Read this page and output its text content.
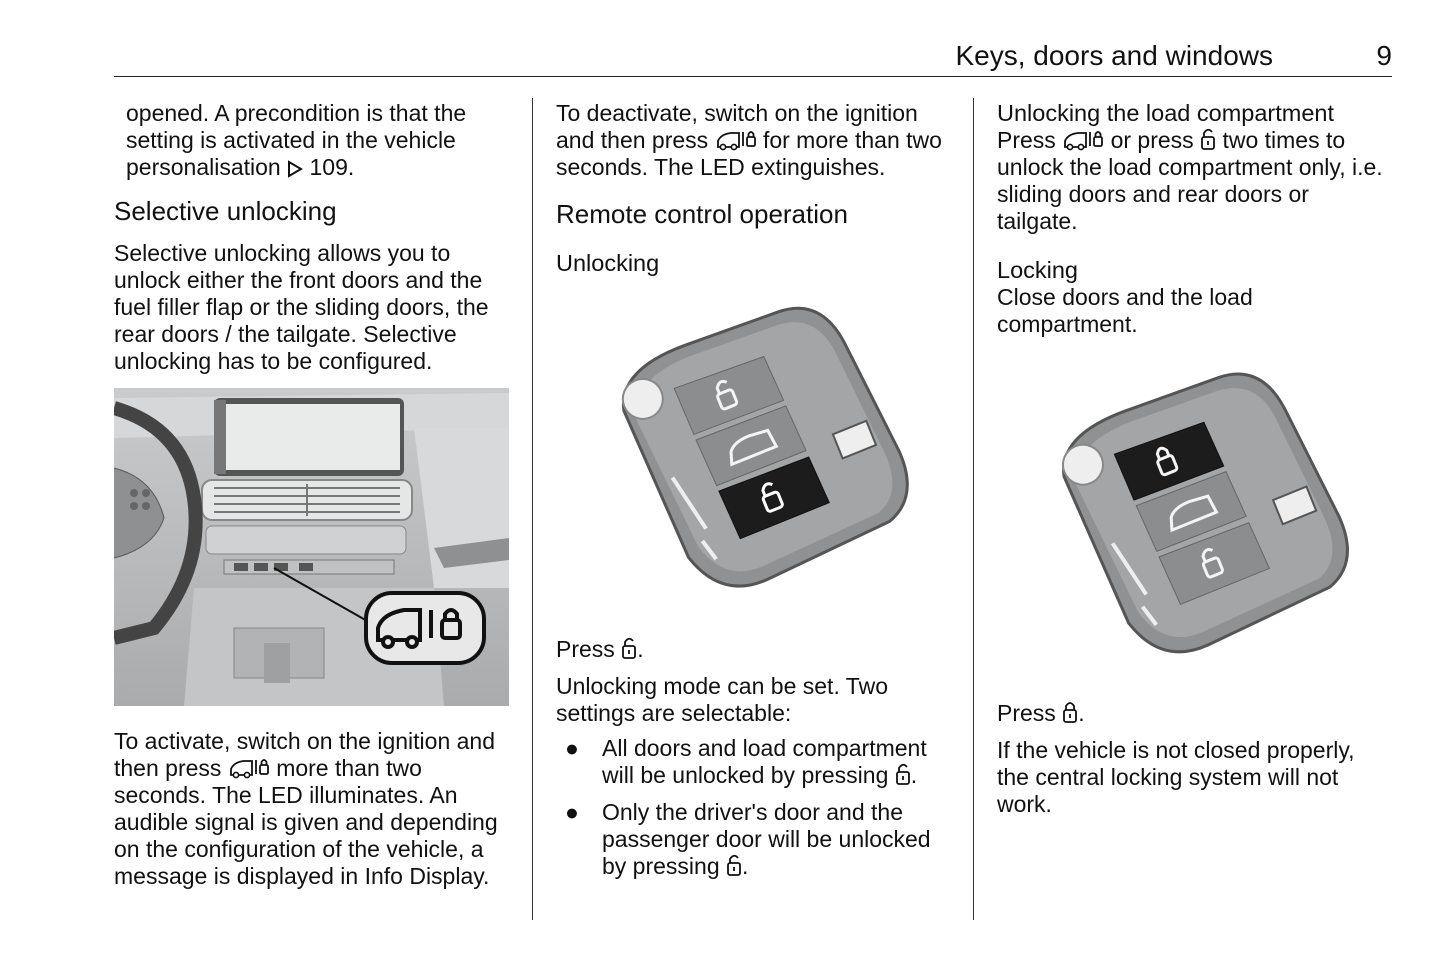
Keys, doors and windows	9

opened. A precondition is that the setting is activated in the vehicle personalisation 109.

Selective unlocking

Selective unlocking allows you to unlock either the front doors and the fuel filler flap or the sliding doors, the rear doors / the tailgate. Selective unlocking has to be configured.

To activate, switch on the ignition and then press more than two seconds. The LED illuminates. An audible signal is given and depending on the configuration of the vehicle, a message is displayed in Info Display.

To deactivate, switch on the ignition and then press for more than two seconds. The LED extinguishes.

Remote control operation
Unlocking

Press .

Unlocking mode can be set. Two settings are selectable:

● All doors and load compartment will be unlocked by pressing .
● Only the driver's door and the passenger door will be unlocked by pressing .
Unlocking the load compartment

Press or press two times to unlock the load compartment only, i.e. sliding doors and rear doors or tailgate.

Locking

Close doors and the load compartment.

Press .

If the vehicle is not closed properly, the central locking system will not work.
